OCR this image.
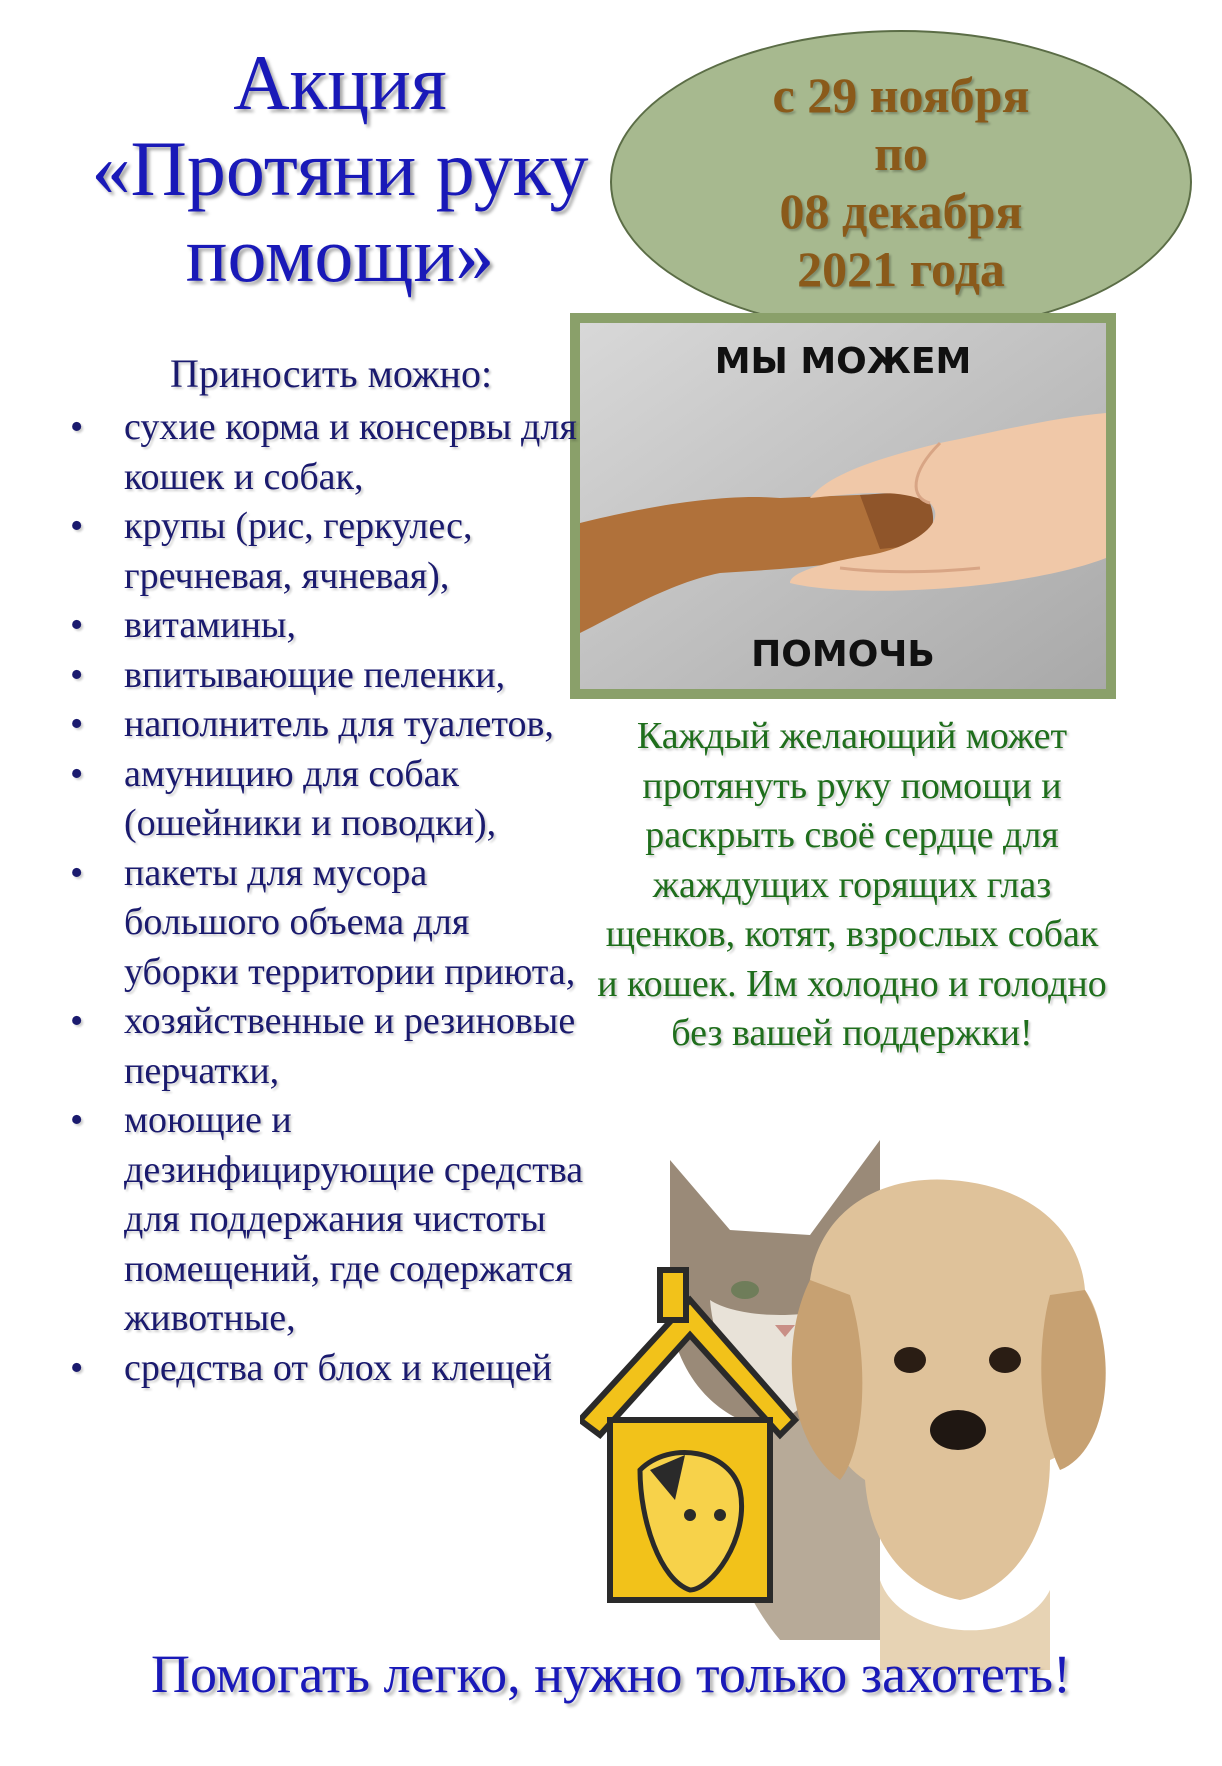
Акция
«Протяни руку
помощи»
с 29 ноября
по
08 декабря
2021 года
МЫ МОЖЕМ
ПОМОЧЬ
Приносить можно:
• сухие корма и консервы для кошек и собак,
• крупы (рис, геркулес, гречневая, ячневая),
• витамины,
• впитывающие пеленки,
• наполнитель для туалетов,
• амуницию для собак (ошейники и поводки),
• пакеты для мусора большого объема для уборки территории приюта,
• хозяйственные и резиновые перчатки,
• моющие и дезинфицирующие средства для поддержания чистоты помещений, где содержатся животные,
• средства от блох и клещей
Каждый желающий может протянуть руку помощи и раскрыть своё сердце для жаждущих горящих глаз щенков, котят, взрослых собак и кошек. Им холодно и голодно без вашей поддержки!
Помогать легко, нужно только захотеть!
